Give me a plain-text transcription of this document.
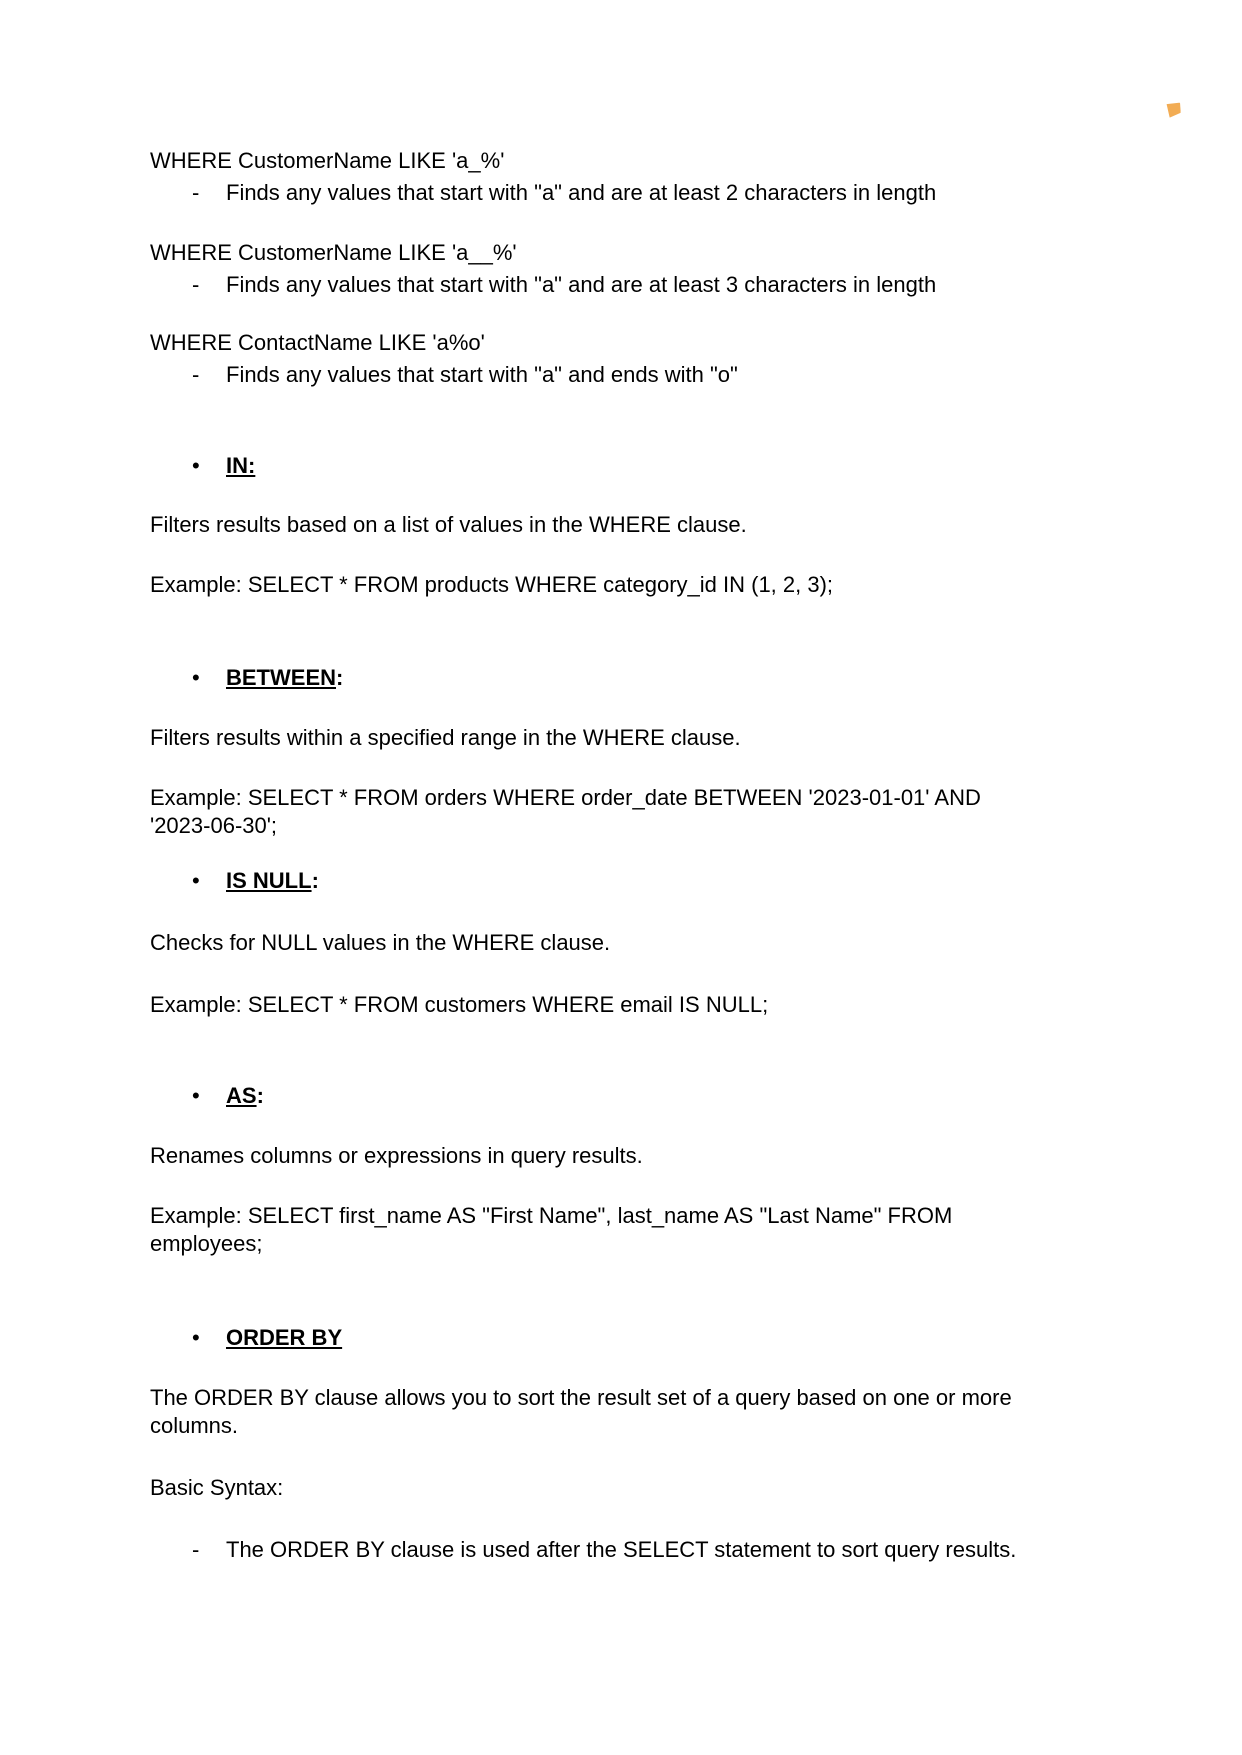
WHERE CustomerName LIKE 'a_%'
- Finds any values that start with "a" and are at least 2 characters in length
WHERE CustomerName LIKE 'a__%'
- Finds any values that start with "a" and are at least 3 characters in length
WHERE ContactName LIKE 'a%o'
- Finds any values that start with "a" and ends with "o"
• IN:
Filters results based on a list of values in the WHERE clause.
Example: SELECT * FROM products WHERE category_id IN (1, 2, 3);
• BETWEEN:
Filters results within a specified range in the WHERE clause.
Example: SELECT * FROM orders WHERE order_date BETWEEN '2023-01-01' AND
'2023-06-30';
• IS NULL:
Checks for NULL values in the WHERE clause.
Example: SELECT * FROM customers WHERE email IS NULL;
• AS:
Renames columns or expressions in query results.
Example: SELECT first_name AS "First Name", last_name AS "Last Name" FROM
employees;
• ORDER BY
The ORDER BY clause allows you to sort the result set of a query based on one or more
columns.
Basic Syntax:
- The ORDER BY clause is used after the SELECT statement to sort query results.
